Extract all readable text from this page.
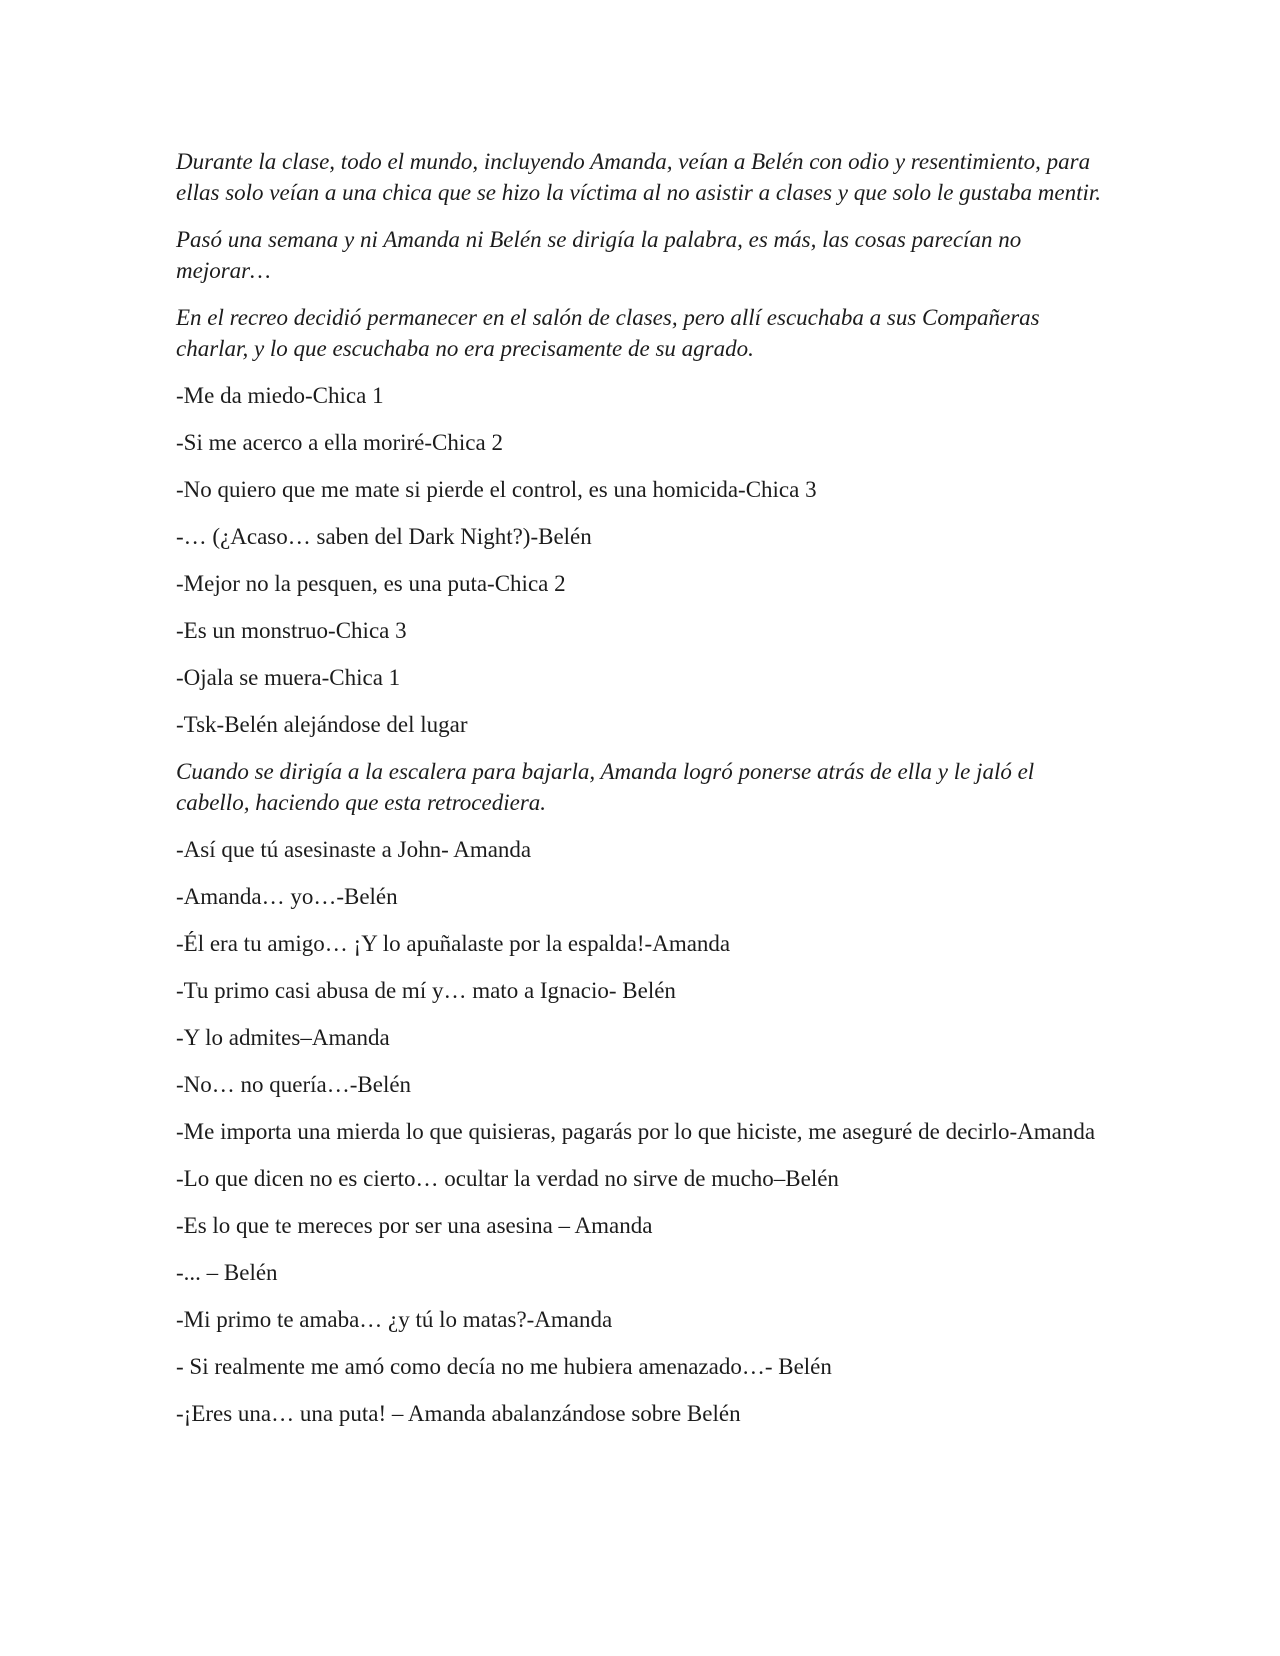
Durante la clase, todo el mundo, incluyendo Amanda, veían a Belén con odio y resentimiento, para ellas solo veían a una chica que se hizo la víctima al no asistir a clases y que solo le gustaba mentir.

Pasó una semana y ni Amanda ni Belén se dirigía la palabra, es más, las cosas parecían no mejorar…

En el recreo decidió permanecer en el salón de clases, pero allí escuchaba a sus Compañeras charlar, y lo que escuchaba no era precisamente de su agrado.

-Me da miedo-Chica 1

-Si me acerco a ella moriré-Chica 2

-No quiero que me mate si pierde el control, es una homicida-Chica 3

-… (¿Acaso… saben del Dark Night?)-Belén

-Mejor no la pesquen, es una puta-Chica 2

-Es un monstruo-Chica 3

-Ojala se muera-Chica 1

-Tsk-Belén alejándose del lugar

Cuando se dirigía a la escalera para bajarla, Amanda logró ponerse atrás de ella y le jaló el cabello, haciendo que esta retrocediera.

-Así que tú asesinaste a John- Amanda

-Amanda… yo…-Belén

-Él era tu amigo… ¡Y lo apuñalaste por la espalda!-Amanda

-Tu primo casi abusa de mí y… mato a Ignacio- Belén

-Y lo admites–Amanda

-No… no quería…-Belén

-Me importa una mierda lo que quisieras, pagarás por lo que hiciste, me aseguré de decirlo-Amanda

-Lo que dicen no es cierto… ocultar la verdad no sirve de mucho–Belén

-Es lo que te mereces por ser una asesina – Amanda

-... – Belén

-Mi primo te amaba… ¿y tú lo matas?-Amanda

- Si realmente me amó como decía no me hubiera amenazado…- Belén

-¡Eres una… una puta! – Amanda abalanzándose sobre Belén
